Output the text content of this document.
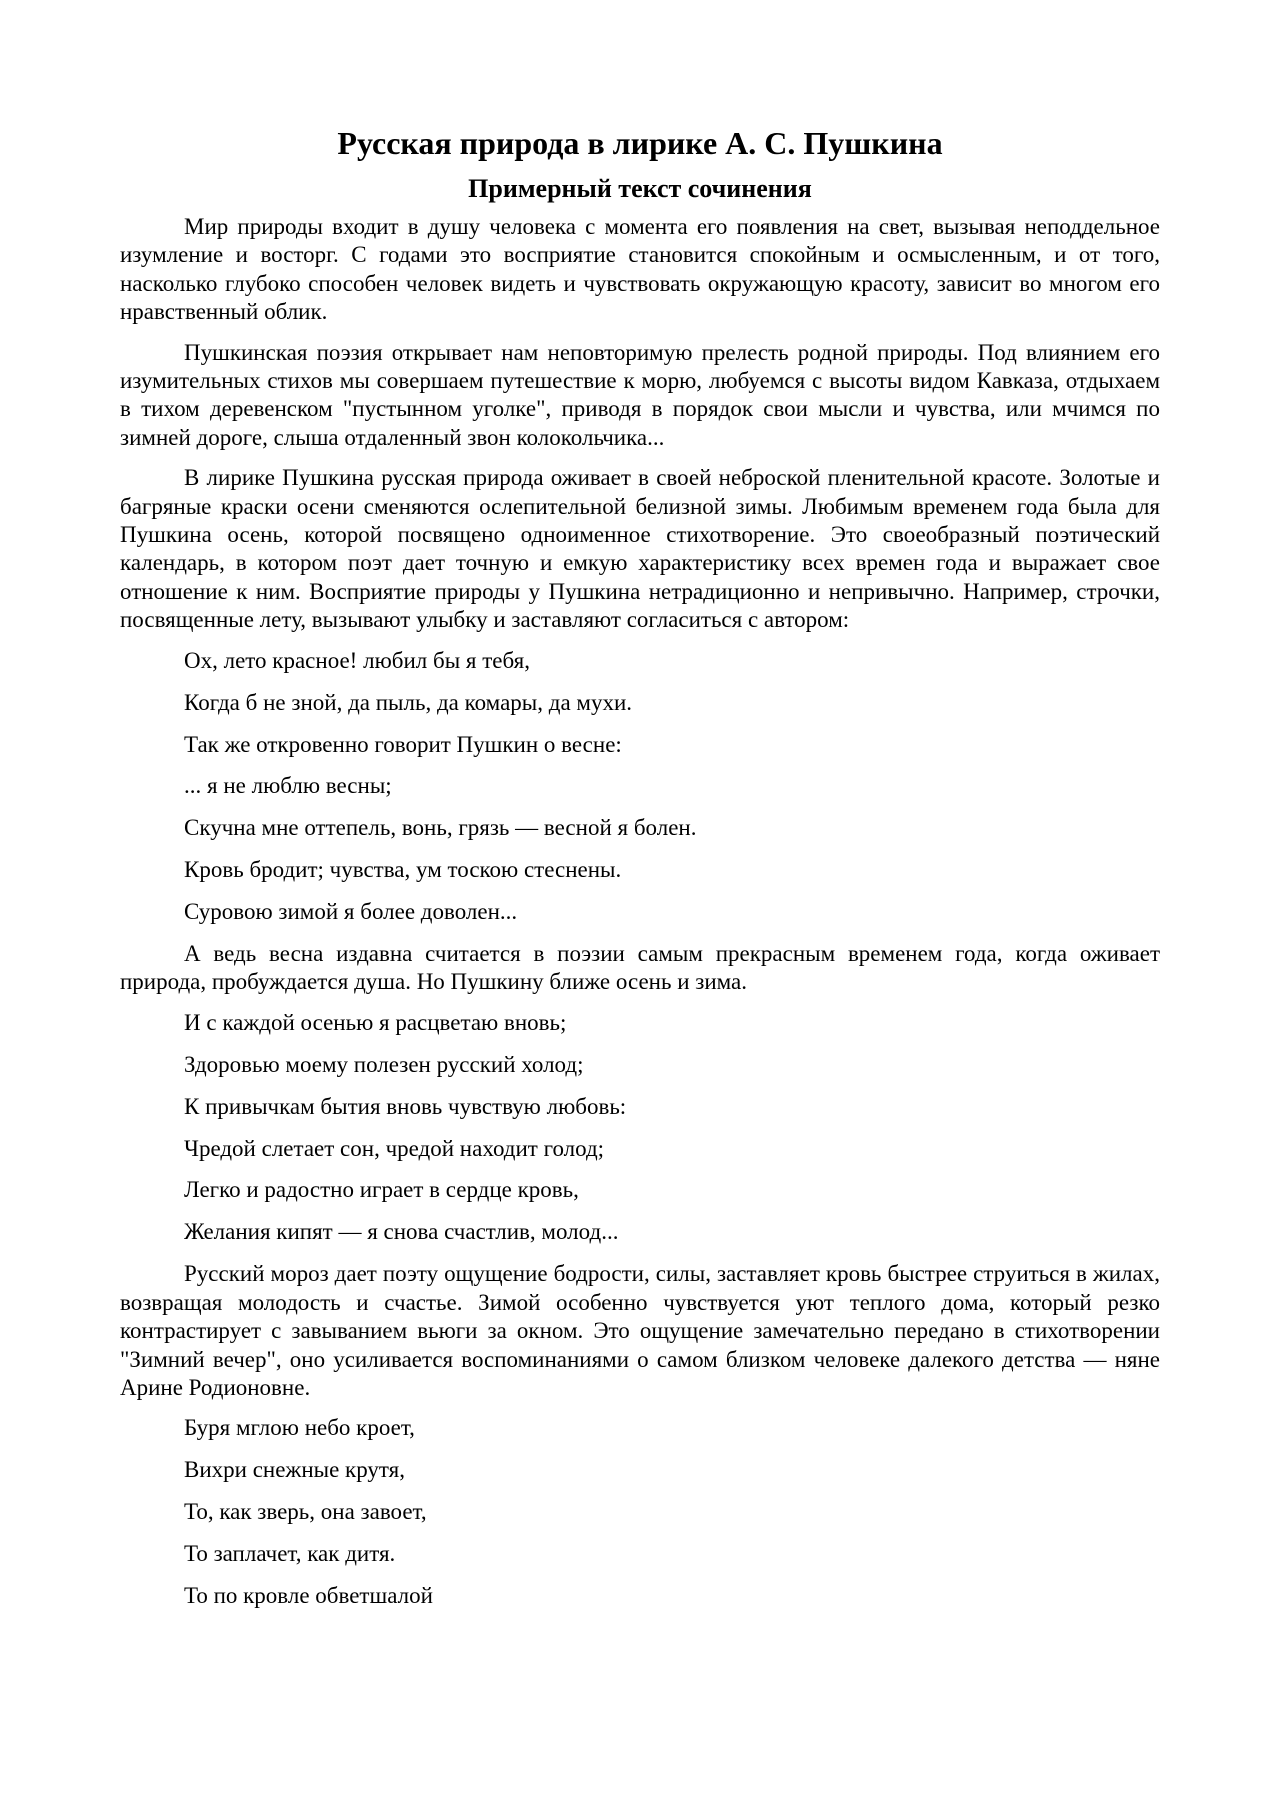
Русская природа в лирике А. С. Пушкина
Примерный текст сочинения

Мир природы входит в душу человека с момента его появления на свет, вызывая неподдельное изумление и восторг. С годами это восприятие становится спокойным и осмысленным, и от того, насколько глубоко способен человек видеть и чувствовать окружающую красоту, зависит во многом его нравственный облик.

Пушкинская поэзия открывает нам неповторимую прелесть родной природы. Под влиянием его изумительных стихов мы совершаем путешествие к морю, любуемся с высоты видом Кавказа, отдыхаем в тихом деревенском "пустынном уголке", приводя в порядок свои мысли и чувства, или мчимся по зимней дороге, слыша отдаленный звон колокольчика...

В лирике Пушкина русская природа оживает в своей неброской пленительной красоте. Золотые и багряные краски осени сменяются ослепительной белизной зимы. Любимым временем года была для Пушкина осень, которой посвящено одноименное стихотворение. Это своеобразный поэтический календарь, в котором поэт дает точную и емкую характеристику всех времен года и выражает свое отношение к ним. Восприятие природы у Пушкина нетрадиционно и непривычно. Например, строчки, посвященные лету, вызывают улыбку и заставляют согласиться с автором:

Ох, лето красное! любил бы я тебя,

Когда б не зной, да пыль, да комары, да мухи.

Так же откровенно говорит Пушкин о весне:

... я не люблю весны;

Скучна мне оттепель, вонь, грязь — весной я болен.

Кровь бродит; чувства, ум тоскою стеснены.

Суровою зимой я более доволен...

А ведь весна издавна считается в поэзии самым прекрасным временем года, когда оживает природа, пробуждается душа. Но Пушкину ближе осень и зима.

И с каждой осенью я расцветаю вновь;

Здоровью моему полезен русский холод;

К привычкам бытия вновь чувствую любовь:

Чредой слетает сон, чредой находит голод;

Легко и радостно играет в сердце кровь,

Желания кипят — я снова счастлив, молод...

Русский мороз дает поэту ощущение бодрости, силы, заставляет кровь быстрее струиться в жилах, возвращая молодость и счастье. Зимой особенно чувствуется уют теплого дома, который резко контрастирует с завыванием вьюги за окном. Это ощущение замечательно передано в стихотворении "Зимний вечер", оно усиливается воспоминаниями о самом близком человеке далекого детства — няне Арине Родионовне.

Буря мглою небо кроет,

Вихри снежные крутя,

То, как зверь, она завоет,

То заплачет, как дитя.

То по кровле обветшалой
